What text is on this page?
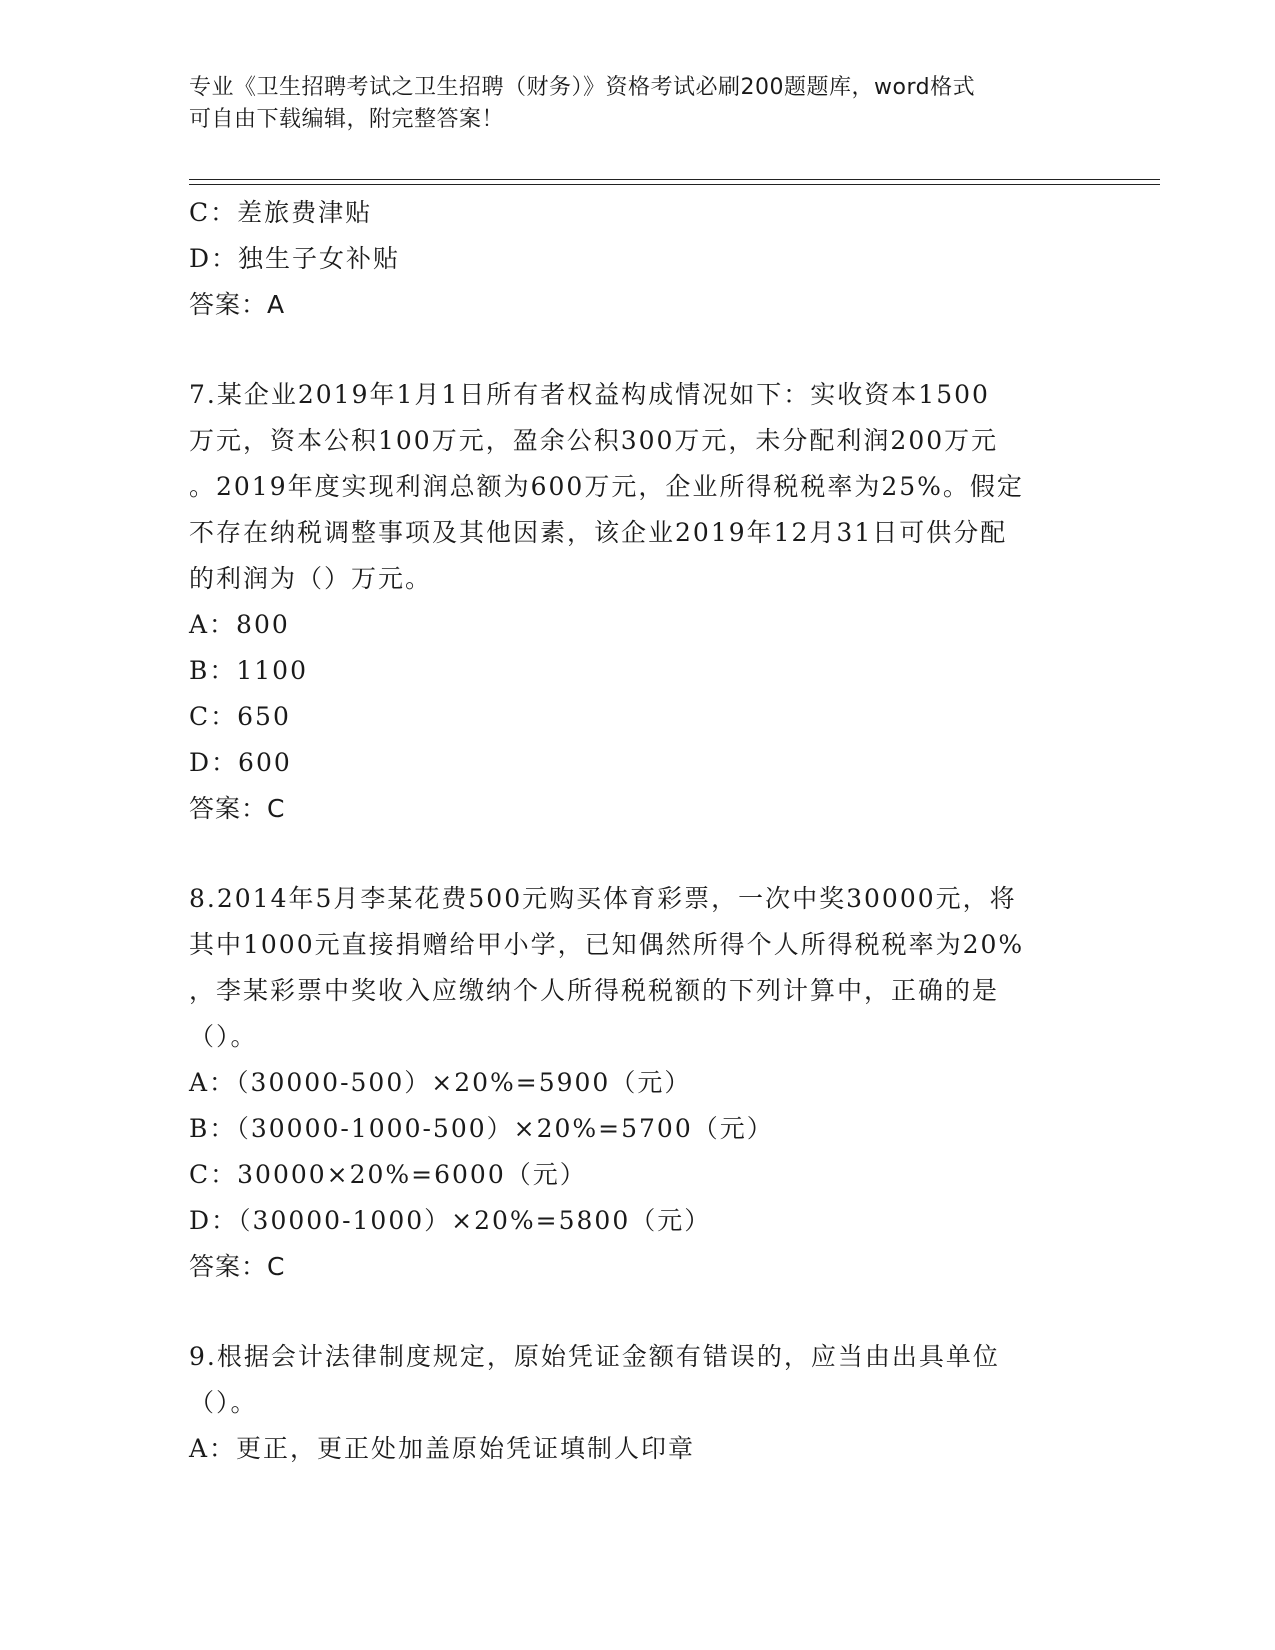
专业《卫生招聘考试之卫生招聘（财务）》资格考试必刷200题题库，word格式
可自由下载编辑，附完整答案！
C：差旅费津贴
D：独生子女补贴
答案：A
7.某企业2019年1月1日所有者权益构成情况如下：实收资本1500
万元，资本公积100万元，盈余公积300万元，未分配利润200万元
。2019年度实现利润总额为600万元，企业所得税税率为25%。假定
不存在纳税调整事项及其他因素，该企业2019年12月31日可供分配
的利润为（）万元。
A：800
B：1100
C：650
D：600
答案：C
8.2014年5月李某花费500元购买体育彩票，一次中奖30000元，将
其中1000元直接捐赠给甲小学，已知偶然所得个人所得税税率为20%
，李某彩票中奖收入应缴纳个人所得税税额的下列计算中，正确的是
（）。
A：（30000-500）×20%=5900（元）
B：（30000-1000-500）×20%=5700（元）
C：30000×20%=6000（元）
D：（30000-1000）×20%=5800（元）
答案：C
9.根据会计法律制度规定，原始凭证金额有错误的，应当由出具单位
（）。
A：更正，更正处加盖原始凭证填制人印章
